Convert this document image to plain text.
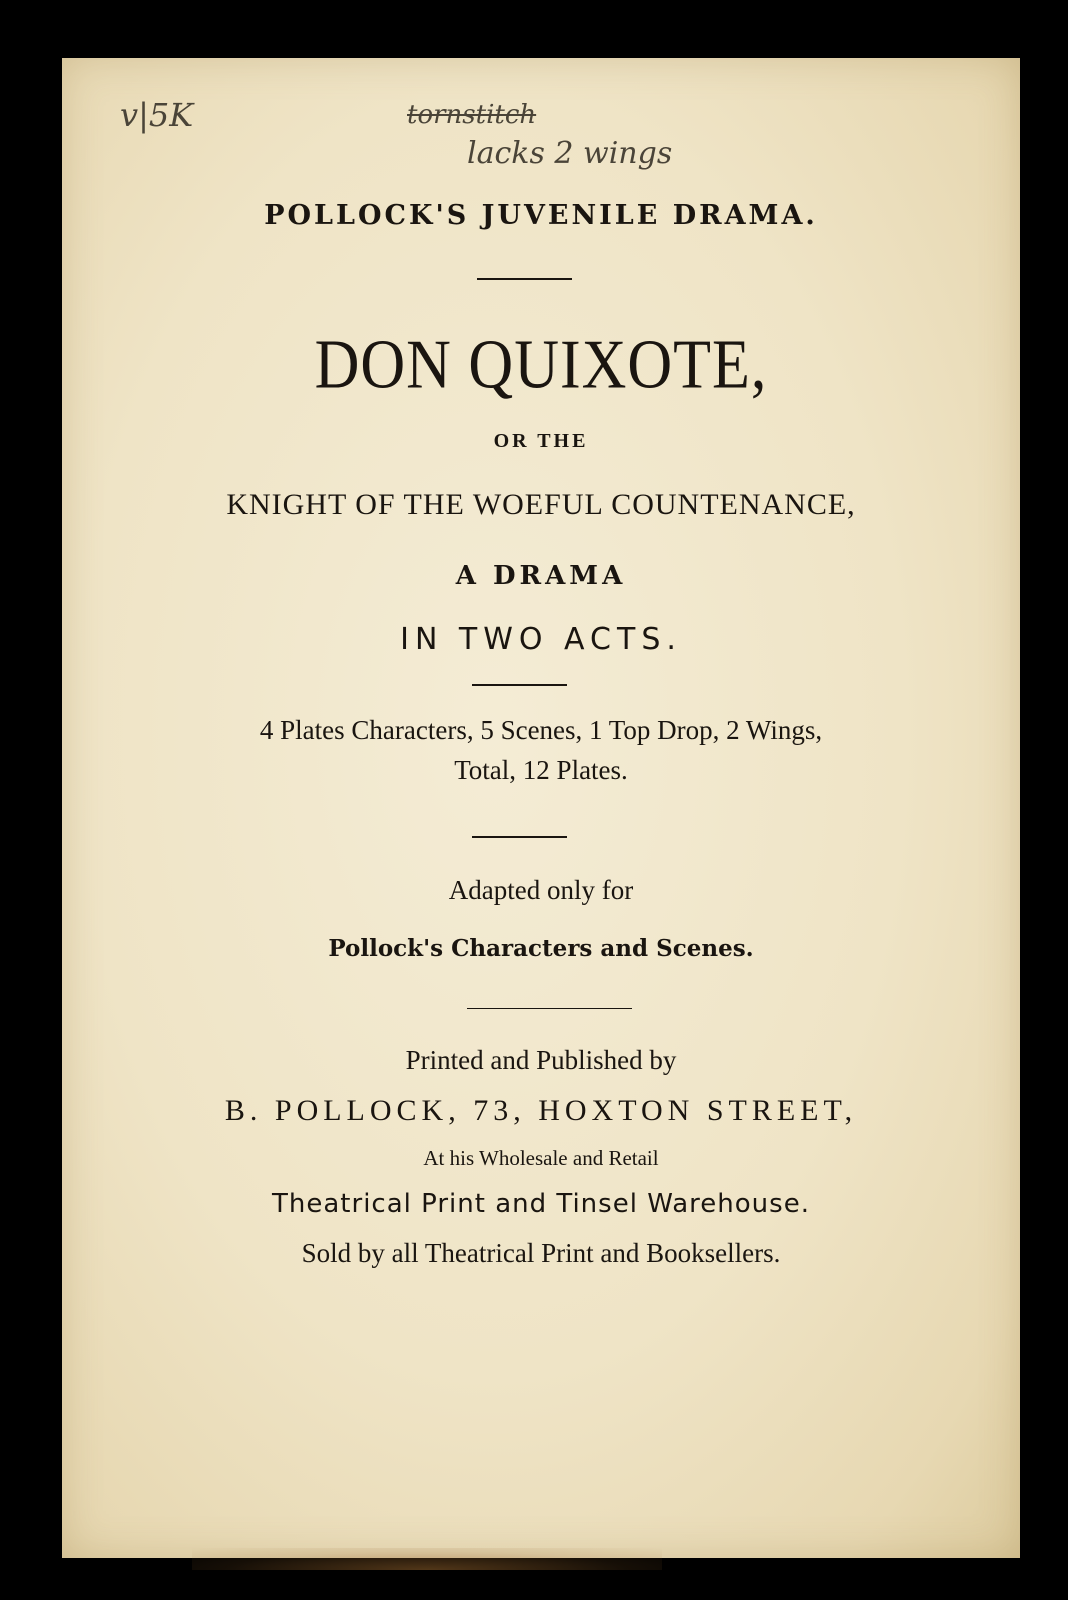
v|5K	tornstitch
lacks 2 wings
POLLOCK'S JUVENILE DRAMA.
DON QUIXOTE,
OR THE
KNIGHT OF THE WOEFUL COUNTENANCE,
A DRAMA
IN TWO ACTS.
4 Plates Characters, 5 Scenes, 1 Top Drop, 2 Wings,
Total, 12 Plates.
Adapted only for
Pollock's Characters and Scenes.
Printed and Published by
B. POLLOCK, 73, HOXTON STREET,
At his Wholesale and Retail
Theatrical Print and Tinsel Warehouse.
Sold by all Theatrical Print and Booksellers.
